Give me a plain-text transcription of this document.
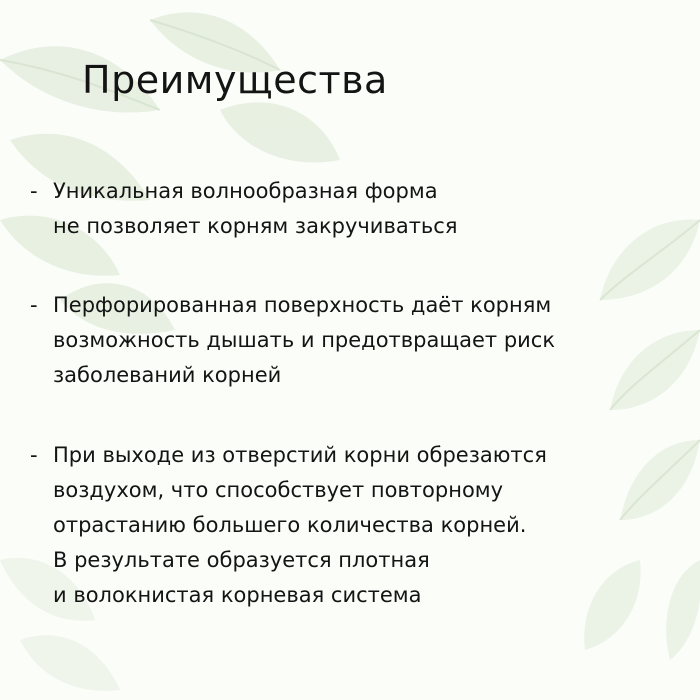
Преимущества
- Уникальная волнообразная форма
не позволяет корням закручиваться
- Перфорированная поверхность даёт корням
возможность дышать и предотвращает риск
заболеваний корней
- При выходе из отверстий корни обрезаются
воздухом, что способствует повторному
отрастанию большего количества корней.
В результате образуется плотная
и волокнистая корневая система
